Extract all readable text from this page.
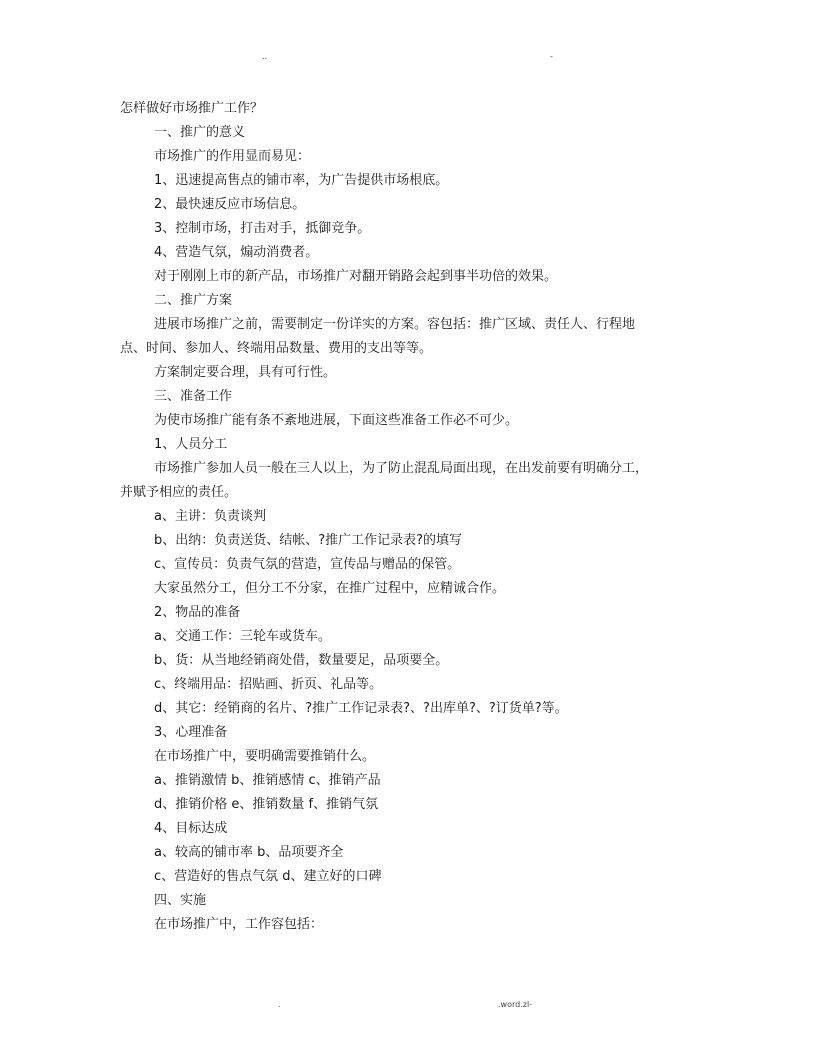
..	-
怎样做好市场推广工作？
一、推广的意义
市场推广的作用显而易见：
1、迅速提高售点的铺市率，为广告提供市场根底。
2、最快速反应市场信息。
3、控制市场，打击对手，抵御竞争。
4、营造气氛，煽动消费者。
对于刚刚上市的新产品，市场推广对翻开销路会起到事半功倍的效果。
二、推广方案
进展市场推广之前，需要制定一份详实的方案。容包括：推广区域、责任人、行程地
点、时间、参加人、终端用品数量、费用的支出等等。
方案制定要合理，具有可行性。
三、准备工作
为使市场推广能有条不紊地进展，下面这些准备工作必不可少。
1、人员分工
市场推广参加人员一般在三人以上，为了防止混乱局面出现，在出发前要有明确分工，
并赋予相应的责任。
a、主讲：负责谈判
b、出纳：负责送货、结帐、?推广工作记录表?的填写
c、宣传员：负责气氛的营造，宣传品与赠品的保管。
大家虽然分工，但分工不分家，在推广过程中，应精诚合作。
2、物品的准备
a、交通工作：三轮车或货车。
b、货：从当地经销商处借，数量要足，品项要全。
c、终端用品：招贴画、折页、礼品等。
d、其它：经销商的名片、?推广工作记录表?、?出库单?、?订货单?等。
3、心理准备
在市场推广中，要明确需要推销什么。
a、推销激情 b、推销感情 c、推销产品
d、推销价格 e、推销数量 f、推销气氛
4、目标达成
a、较高的铺市率 b、品项要齐全
c、营造好的售点气氛 d、建立好的口碑
四、实施
在市场推广中，工作容包括：
.	.word.zl-
